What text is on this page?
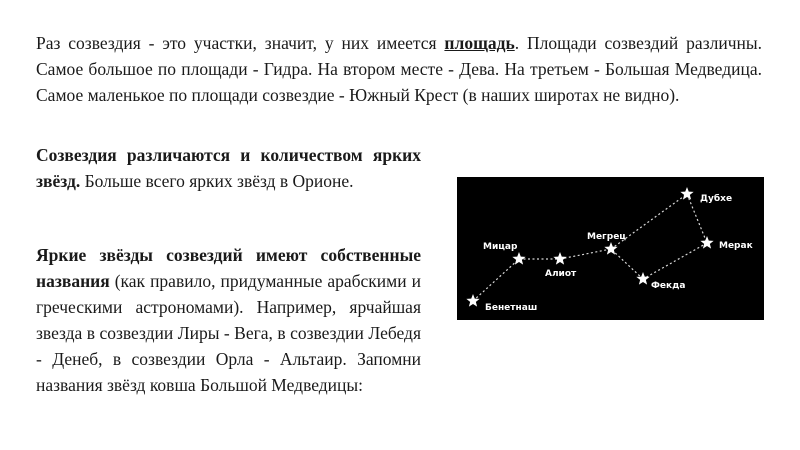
Раз созвездия - это участки, значит, у них имеется площадь. Площади созвездий различны. Самое большое по площади - Гидра. На втором месте - Дева. На третьем - Большая Медведица. Самое маленькое по площади созвездие - Южный Крест (в наших широтах не видно).

Созвездия различаются и количеством ярких звёзд. Больше всего ярких звёзд в Орионе.

Яркие звёзды созвездий имеют собственные названия (как правило, придуманные арабскими и греческими астрономами). Например, ярчайшая звезда в созвездии Лиры - Вега, в созвездии Лебедя - Денеб, в созвездии Орла - Альтаир. Запомни названия звёзд ковша Большой Медведицы:

Бенетнаш
Мицар
Алиот
Мегрец
Дубхе
Мерак
Фекда
